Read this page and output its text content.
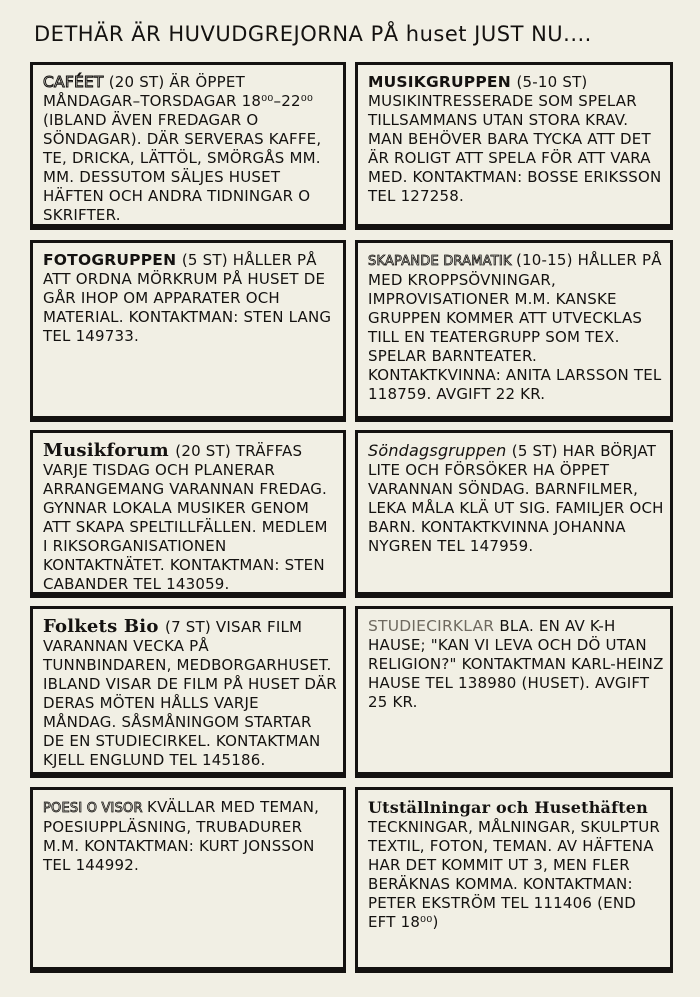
DETHÄR ÄR HUVUDGREJORNA PÅ huset JUST NU....
CAFÉET (20 ST) ÄR ÖPPET MÅNDAGAR–TORSDAGAR 18⁰⁰–22⁰⁰ (IBLAND ÄVEN FREDAGAR O SÖNDAGAR). DÄR SERVERAS KAFFE, TE, DRICKA, LÄTTÖL, SMÖRGÅS MM. MM. DESSUTOM SÄLJES HUSET HÄFTEN OCH ANDRA TIDNINGAR O SKRIFTER.
MUSIKGRUPPEN (5-10 ST) MUSIKINTRESSERADE SOM SPELAR TILLSAMMANS UTAN STORA KRAV. MAN BEHÖVER BARA TYCKA ATT DET ÄR ROLIGT ATT SPELA FÖR ATT VARA MED. KONTAKTMAN: BOSSE ERIKSSON TEL 127258.
FOTOGRUPPEN (5 ST) HÅLLER PÅ ATT ORDNA MÖRKRUM PÅ HUSET DE GÅR IHOP OM APPARATER OCH MATERIAL. KONTAKTMAN: STEN LANG TEL 149733.
SKAPANDE DRAMATIK (10-15) HÅLLER PÅ MED KROPPSÖVNINGAR, IMPROVISATIONER M.M. KANSKE GRUPPEN KOMMER ATT UTVECKLAS TILL EN TEATERGRUPP SOM TEX. SPELAR BARNTEATER. KONTAKTKVINNA: ANITA LARSSON TEL 118759. AVGIFT 22 KR.
Musikforum (20 ST) TRÄFFAS VARJE TISDAG OCH PLANERAR ARRANGEMANG VARANNAN FREDAG. GYNNAR LOKALA MUSIKER GENOM ATT SKAPA SPELTILLFÄLLEN. MEDLEM I RIKSORGANISATIONEN KONTAKTNÄTET. KONTAKTMAN: STEN CABANDER TEL 143059.
Söndagsgruppen (5 ST) HAR BÖRJAT LITE OCH FÖRSÖKER HA ÖPPET VARANNAN SÖNDAG. BARNFILMER, LEKA MÅLA KLÄ UT SIG. FAMILJER OCH BARN. KONTAKTKVINNA JOHANNA NYGREN TEL 147959.
Folkets Bio (7 ST) VISAR FILM VARANNAN VECKA PÅ TUNNBINDAREN, MEDBORGARHUSET. IBLAND VISAR DE FILM PÅ HUSET DÄR DERAS MÖTEN HÅLLS VARJE MÅNDAG. SÅSMÅNINGOM STARTAR DE EN STUDIECIRKEL. KONTAKTMAN KJELL ENGLUND TEL 145186.
STUDIECIRKLAR BLA. EN AV K-H HAUSE; "KAN VI LEVA OCH DÖ UTAN RELIGION?" KONTAKTMAN KARL-HEINZ HAUSE TEL 138980 (HUSET). AVGIFT 25 KR.
POESI O VISOR KVÄLLAR MED TEMAN, POESIUPPLÄSNING, TRUBADURER M.M. KONTAKTMAN: KURT JONSSON TEL 144992.
Utställningar och Husethäften TECKNINGAR, MÅLNINGAR, SKULPTUR TEXTIL, FOTON, TEMAN. AV HÄFTENA HAR DET KOMMIT UT 3, MEN FLER BERÄKNAS KOMMA. KONTAKTMAN: PETER EKSTRÖM TEL 111406 (END EFT 18⁰⁰)
